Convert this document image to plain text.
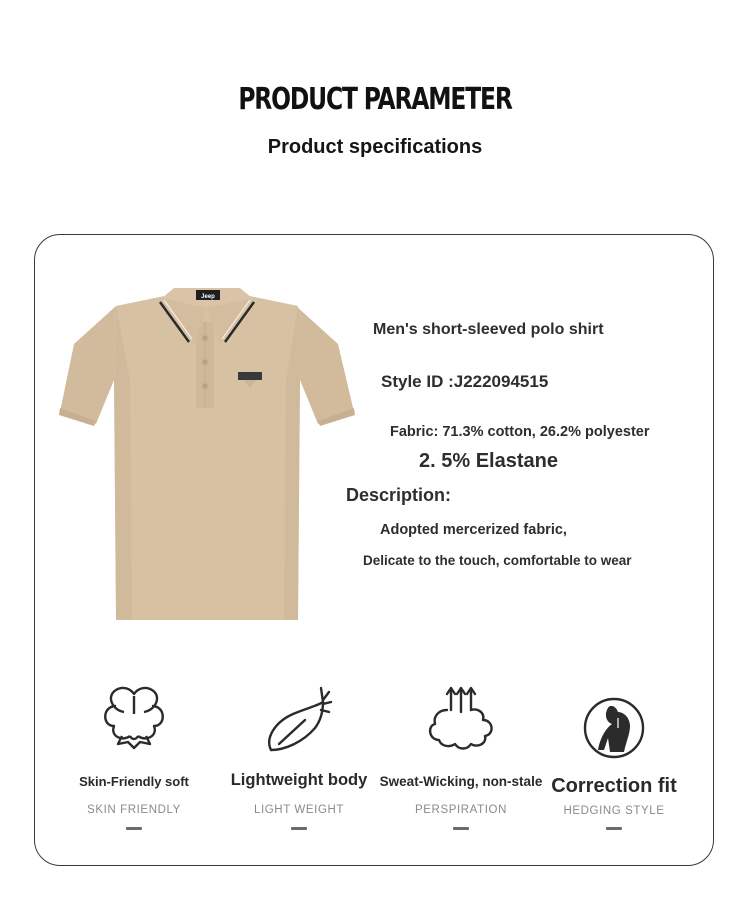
PRODUCT PARAMETER
Product specifications
Jeep
Men's short-sleeved polo shirt
Style ID :J222094515
Fabric: 71.3% cotton, 26.2% polyester
2. 5% Elastane
Description:
Adopted mercerized fabric,
Delicate to the touch, comfortable to wear
Skin-Friendly soft
SKIN FRIENDLY
Lightweight body
LIGHT WEIGHT
Sweat-Wicking, non-stale
PERSPIRATION
Correction fit
HEDGING STYLE
